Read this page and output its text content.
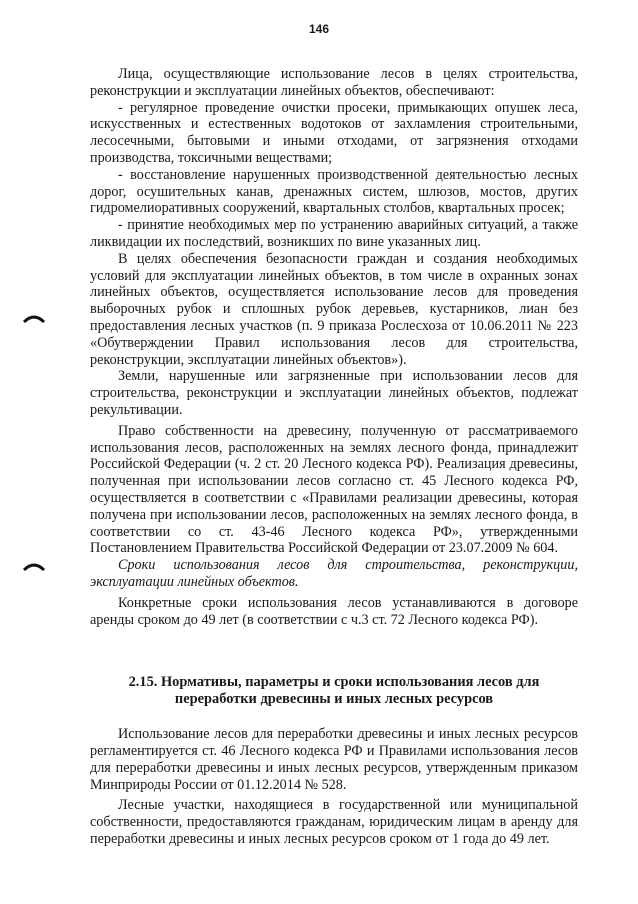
146

Лица, осуществляющие использование лесов в целях строительства, реконструкции и эксплуатации линейных объектов, обеспечивают:

- регулярное проведение очистки просеки, примыкающих опушек леса, искусственных и естественных водотоков от захламления строительными, лесосечными, бытовыми и иными отходами, от загрязнения отходами производства, токсичными веществами;

- восстановление нарушенных производственной деятельностью лесных дорог, осушительных канав, дренажных систем, шлюзов, мостов, других гидромелиоративных сооружений, квартальных столбов, квартальных просек;

- принятие необходимых мер по устранению аварийных ситуаций, а также ликвидации их последствий, возникших по вине указанных лиц.

В целях обеспечения безопасности граждан и создания необходимых условий для эксплуатации линейных объектов, в том числе в охранных зонах линейных объектов, осуществляется использование лесов для проведения выборочных рубок и сплошных рубок деревьев, кустарников, лиан без предоставления лесных участков (п. 9 приказа Рослесхоза от 10.06.2011 № 223 «Обутверждении Правил использования лесов для строительства, реконструкции, эксплуатации линейных объектов»).

Земли, нарушенные или загрязненные при использовании лесов для строительства, реконструкции и эксплуатации линейных объектов, подлежат рекультивации.

Право собственности на древесину, полученную от рассматриваемого использования лесов, расположенных на землях лесного фонда, принадлежит Российской Федерации (ч. 2 ст. 20 Лесного кодекса РФ). Реализация древесины, полученная при использовании лесов согласно ст. 45 Лесного кодекса РФ, осуществляется в соответствии с «Правилами реализации древесины, которая получена при использовании лесов, расположенных на землях лесного фонда, в соответствии со ст. 43-46 Лесного кодекса РФ», утвержденными Постановлением Правительства Российской Федерации от 23.07.2009 № 604.

Сроки использования лесов для строительства, реконструкции, эксплуатации линейных объектов.

Конкретные сроки использования лесов устанавливаются в договоре аренды сроком до 49 лет (в соответствии с ч.3 ст. 72 Лесного кодекса РФ).

2.15. Нормативы, параметры и сроки использования лесов для
переработки древесины и иных лесных ресурсов

Использование лесов для переработки древесины и иных лесных ресурсов регламентируется ст. 46 Лесного кодекса РФ и Правилами использования лесов для переработки древесины и иных лесных ресурсов, утвержденным приказом Минприроды России от 01.12.2014 № 528.

Лесные участки, находящиеся в государственной или муниципальной собственности, предоставляются гражданам, юридическим лицам в аренду для переработки древесины и иных лесных ресурсов сроком от 1 года до 49 лет.
